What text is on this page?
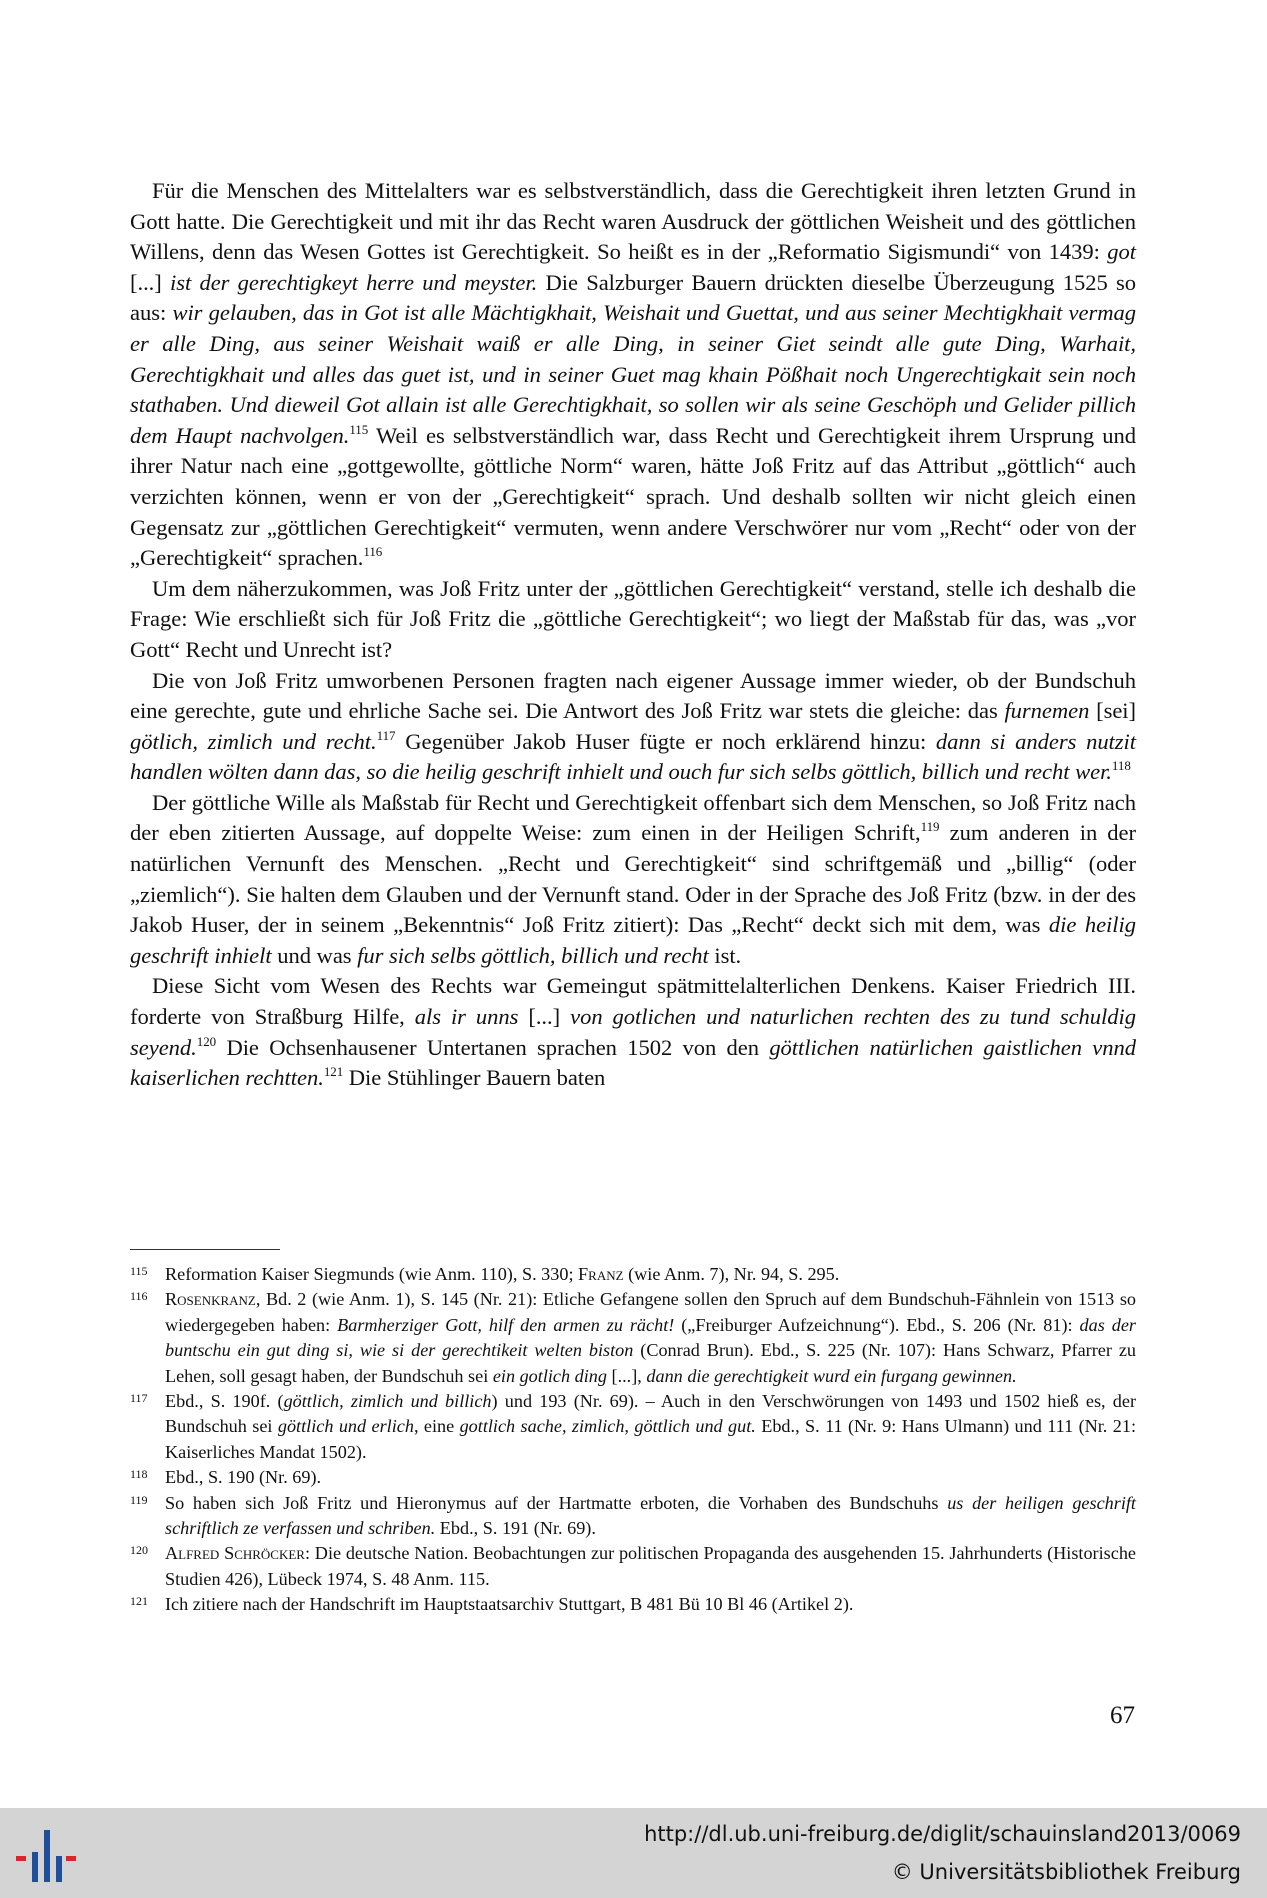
Für die Menschen des Mittelalters war es selbstverständlich, dass die Gerechtigkeit ihren letzten Grund in Gott hatte. Die Gerechtigkeit und mit ihr das Recht waren Ausdruck der göttlichen Weisheit und des göttlichen Willens, denn das Wesen Gottes ist Gerechtigkeit. So heißt es in der „Reformatio Sigismundi“ von 1439: got [...] ist der gerechtigkeyt herre und meyster. Die Salzburger Bauern drückten dieselbe Überzeugung 1525 so aus: wir gelauben, das in Got ist alle Mächtigkhait, Weishait und Guettat, und aus seiner Mechtigkhait vermag er alle Ding, aus seiner Weishait waiß er alle Ding, in seiner Giet seindt alle gute Ding, Warhait, Gerechtigkhait und alles das guet ist, und in seiner Guet mag khain Pößhait noch Ungerechtigkait sein noch stathaben. Und dieweil Got allain ist alle Gerechtigkhait, so sollen wir als seine Geschöph und Gelider pillich dem Haupt nachvolgen.$^{115}$ Weil es selbstverständlich war, dass Recht und Gerechtigkeit ihrem Ursprung und ihrer Natur nach eine „gottgewollte, göttliche Norm“ waren, hätte Joß Fritz auf das Attribut „göttlich“ auch verzichten können, wenn er von der „Gerechtigkeit“ sprach. Und deshalb sollten wir nicht gleich einen Gegensatz zur „göttlichen Gerechtigkeit“ vermuten, wenn andere Verschwörer nur vom „Recht“ oder von der „Gerechtigkeit“ sprachen.$^{116}$

Um dem näherzukommen, was Joß Fritz unter der „göttlichen Gerechtigkeit“ verstand, stelle ich deshalb die Frage: Wie erschließt sich für Joß Fritz die „göttliche Gerechtigkeit“; wo liegt der Maßstab für das, was „vor Gott“ Recht und Unrecht ist?

Die von Joß Fritz umworbenen Personen fragten nach eigener Aussage immer wieder, ob der Bundschuh eine gerechte, gute und ehrliche Sache sei. Die Antwort des Joß Fritz war stets die gleiche: das furnemen [sei] götlich, zimlich und recht.$^{117}$ Gegenüber Jakob Huser fügte er noch erklärend hinzu: dann si anders nutzit handlen wölten dann das, so die heilig geschrift inhielt und ouch fur sich selbs göttlich, billich und recht wer.$^{118}$

Der göttliche Wille als Maßstab für Recht und Gerechtigkeit offenbart sich dem Menschen, so Joß Fritz nach der eben zitierten Aussage, auf doppelte Weise: zum einen in der Heiligen Schrift,$^{119}$ zum anderen in der natürlichen Vernunft des Menschen. „Recht und Gerechtigkeit“ sind schriftgemäß und „billig“ (oder „ziemlich“). Sie halten dem Glauben und der Vernunft stand. Oder in der Sprache des Joß Fritz (bzw. in der des Jakob Huser, der in seinem „Bekenntnis“ Joß Fritz zitiert): Das „Recht“ deckt sich mit dem, was die heilig geschrift inhielt und was fur sich selbs göttlich, billich und recht ist.

Diese Sicht vom Wesen des Rechts war Gemeingut spätmittelalterlichen Denkens. Kaiser Friedrich III. forderte von Straßburg Hilfe, als ir unns [...] von gotlichen und naturlichen rechten des zu tund schuldig seyend.$^{120}$ Die Ochsenhausener Untertanen sprachen 1502 von den göttlichen natürlichen gaistlichen vnnd kaiserlichen rechtten.$^{121}$ Die Stühlinger Bauern baten

115 Reformation Kaiser Siegmunds (wie Anm. 110), S. 330; Franz (wie Anm. 7), Nr. 94, S. 295.
116 Rosenkranz, Bd. 2 (wie Anm. 1), S. 145 (Nr. 21): Etliche Gefangene sollen den Spruch auf dem Bundschuh-Fähnlein von 1513 so wiedergegeben haben: Barmherziger Gott, hilf den armen zu rächt! („Freiburger Aufzeichnung“). Ebd., S. 206 (Nr. 81): das der buntschu ein gut ding si, wie si der gerechtikeit welten biston (Conrad Brun). Ebd., S. 225 (Nr. 107): Hans Schwarz, Pfarrer zu Lehen, soll gesagt haben, der Bundschuh sei ein gotlich ding [...], dann die gerechtigkeit wurd ein furgang gewinnen.
117 Ebd., S. 190f. (göttlich, zimlich und billich) und 193 (Nr. 69). – Auch in den Verschwörungen von 1493 und 1502 hieß es, der Bundschuh sei göttlich und erlich, eine gottlich sache, zimlich, göttlich und gut. Ebd., S. 11 (Nr. 9: Hans Ulmann) und 111 (Nr. 21: Kaiserliches Mandat 1502).
118 Ebd., S. 190 (Nr. 69).
119 So haben sich Joß Fritz und Hieronymus auf der Hartmatte erboten, die Vorhaben des Bundschuhs us der heiligen geschrift schriftlich ze verfassen und schriben. Ebd., S. 191 (Nr. 69).
120 Alfred Schröcker: Die deutsche Nation. Beobachtungen zur politischen Propaganda des ausgehenden 15. Jahrhunderts (Historische Studien 426), Lübeck 1974, S. 48 Anm. 115.
121 Ich zitiere nach der Handschrift im Hauptstaatsarchiv Stuttgart, B 481 Bü 10 Bl 46 (Artikel 2).
67
http://dl.ub.uni-freiburg.de/diglit/schauinsland2013/0069
© Universitätsbibliothek Freiburg
